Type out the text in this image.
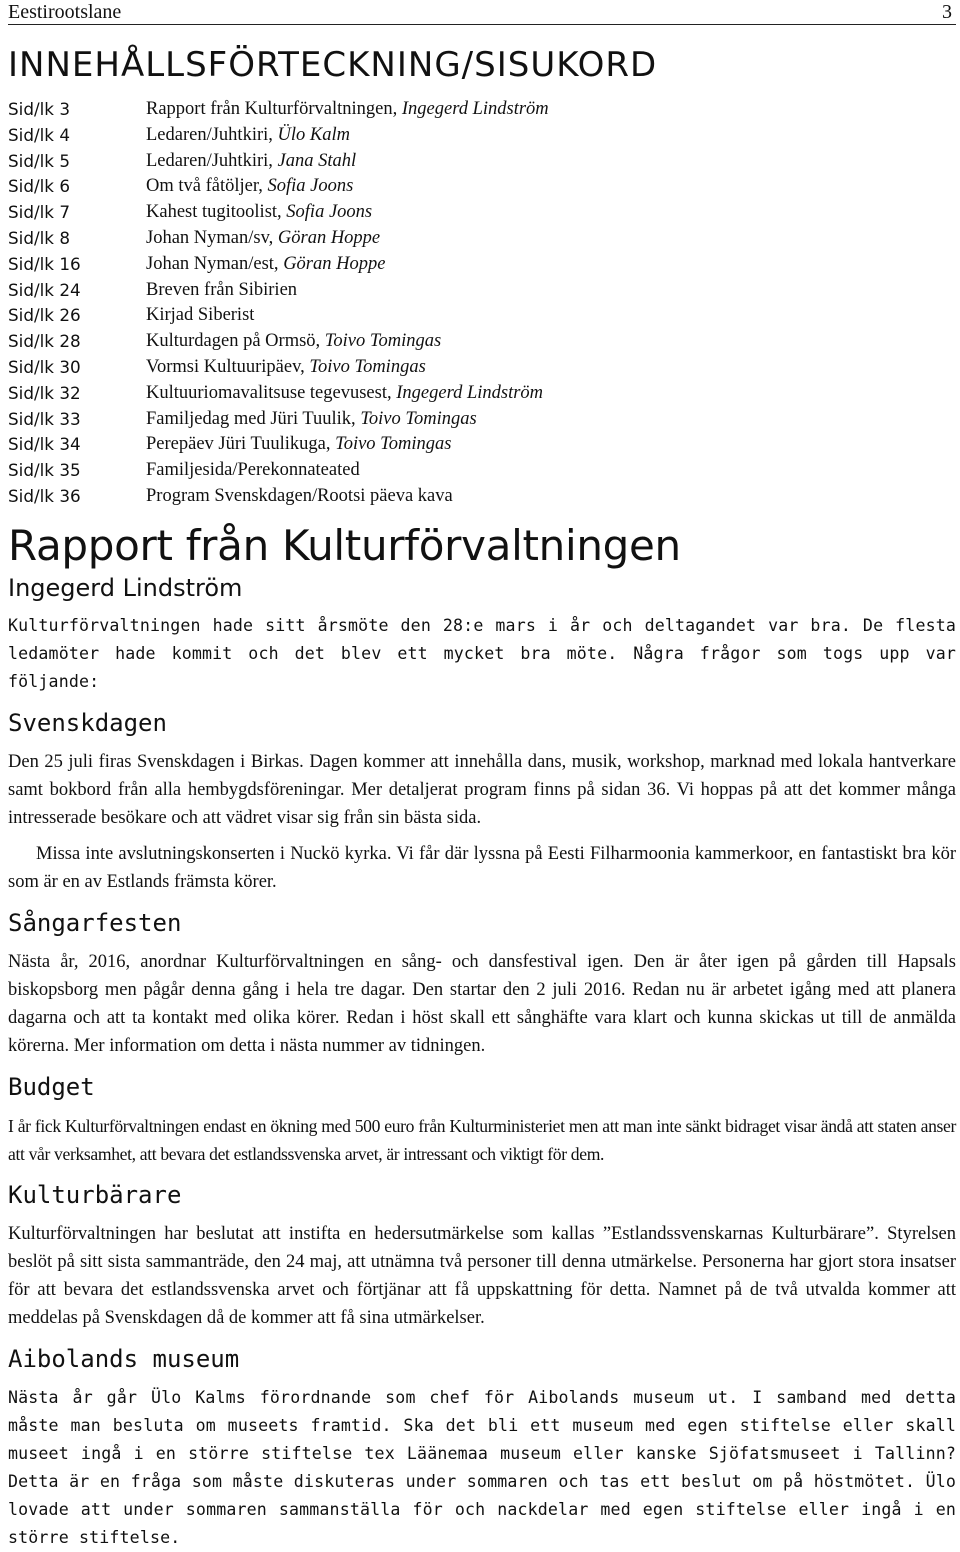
Eestirootslane	3
INNEHÅLLSFÖRTECKNING/SISUKORD
Sid/lk 3	Rapport från Kulturförvaltningen, Ingegerd Lindström
Sid/lk 4	Ledaren/Juhtkiri, Ülo Kalm
Sid/lk 5	Ledaren/Juhtkiri, Jana Stahl
Sid/lk 6	Om två fåtöljer, Sofia Joons
Sid/lk 7	Kahest tugitoolist, Sofia Joons
Sid/lk 8	Johan Nyman/sv, Göran Hoppe
Sid/lk 16	Johan Nyman/est, Göran Hoppe
Sid/lk 24	Breven från Sibirien
Sid/lk 26	Kirjad Siberist
Sid/lk 28	Kulturdagen på Ormsö, Toivo Tomingas
Sid/lk 30	Vormsi Kultuuripäev, Toivo Tomingas
Sid/lk 32	Kultuuriomavalitsuse tegevusest, Ingegerd Lindström
Sid/lk 33	Familjedag med Jüri Tuulik, Toivo Tomingas
Sid/lk 34	Perepäev Jüri Tuulikuga, Toivo Tomingas
Sid/lk 35	Familjesida/Perekonnateated
Sid/lk 36	Program Svenskdagen/Rootsi päeva kava
Rapport från Kulturförvaltningen
Ingegerd Lindström

Kulturförvaltningen hade sitt årsmöte den 28:e mars i år och deltagandet var bra. De flesta ledamöter hade kommit och det blev ett mycket bra möte. Några frågor som togs upp var följande:

Svenskdagen

Den 25 juli firas Svenskdagen i Birkas. Dagen kommer att innehålla dans, musik, workshop, marknad med lokala hantverkare samt bokbord från alla hembygdsföreningar. Mer detaljerat program finns på sidan 36. Vi hoppas på att det kommer många intresserade besökare och att vädret visar sig från sin bästa sida.

Missa inte avslutningskonserten i Nuckö kyrka. Vi får där lyssna på Eesti Filharmoonia kammerkoor, en fantastiskt bra kör som är en av Estlands främsta körer.

Sångarfesten

Nästa år, 2016, anordnar Kulturförvaltningen en sång- och dansfestival igen. Den är åter igen på gården till Hapsals biskopsborg men pågår denna gång i hela tre dagar. Den startar den 2 juli 2016. Redan nu är arbetet igång med att planera dagarna och att ta kontakt med olika körer. Redan i höst skall ett sånghäfte vara klart och kunna skickas ut till de anmälda körerna. Mer information om detta i nästa nummer av tidningen.

Budget

I år fick Kulturförvaltningen endast en ökning med 500 euro från Kulturministeriet men att man inte sänkt bidraget visar ändå att staten anser att vår verksamhet, att bevara det estlandssvenska arvet, är intressant och viktigt för dem.

Kulturbärare

Kulturförvaltningen har beslutat att instifta en hedersutmärkelse som kallas ”Estlandssvenskarnas Kulturbärare”. Styrelsen beslöt på sitt sista sammanträde, den 24 maj, att utnämna två personer till denna utmärkelse. Personerna har gjort stora insatser för att bevara det estlandssvenska arvet och förtjänar att få uppskattning för detta. Namnet på de två utvalda kommer att meddelas på Svenskdagen då de kommer att få sina utmärkelser.

Aibolands museum

Nästa år går Ülo Kalms förordnande som chef för Aibolands museum ut. I samband med detta måste man besluta om museets framtid. Ska det bli ett museum med egen stiftelse eller skall museet ingå i en större stiftelse tex Läänemaa museum eller kanske Sjöfatsmuseet i Tallinn? Detta är en fråga som måste diskuteras under sommaren och tas ett beslut om på höstmötet. Ülo lovade att under sommaren sammanställa för och nackdelar med egen stiftelse eller ingå i en större stiftelse.
